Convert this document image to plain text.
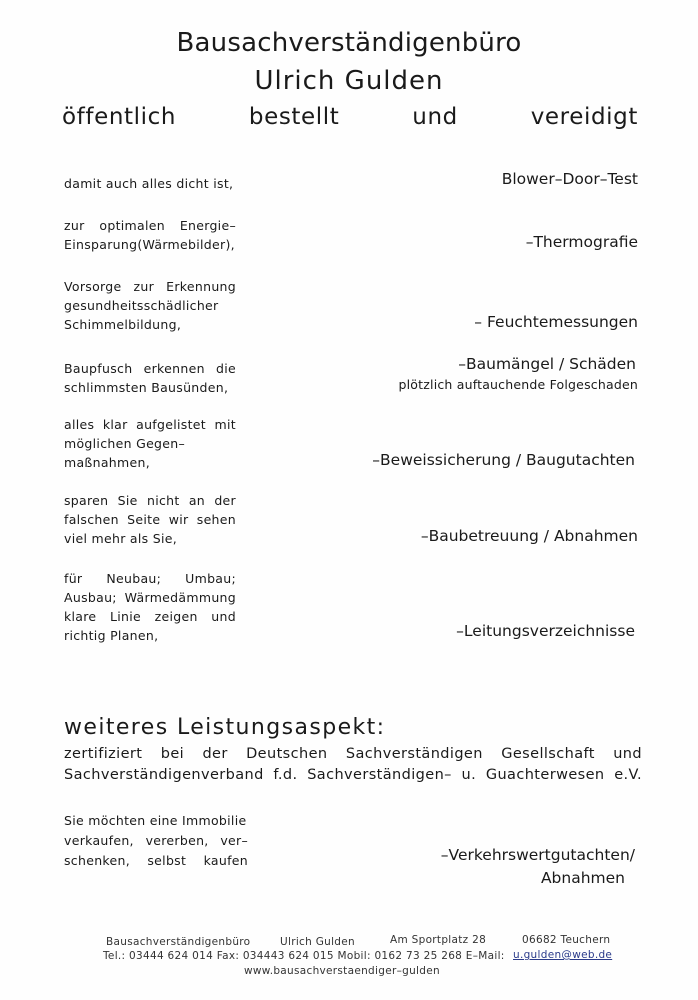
Bausachverständigenbüro
Ulrich Gulden
öffentlich	bestellt	und	vereidigt
damit auch alles dicht ist,	Blower–Door–Test
zur optimalen Energie–
Einsparung(Wärmebilder),	–Thermografie
Vorsorge zur Erkennung
gesundheitsschädlicher
Schimmelbildung,	– Feuchtemessungen
Baupfusch erkennen die
schlimmsten Bausünden,
–Baumängel / Schäden
plötzlich auftauchende Folgeschaden
alles klar aufgelistet mit
möglichen Gegen–
maßnahmen,	–Beweissicherung / Baugutachten
sparen Sie nicht an der
falschen Seite wir sehen
viel mehr als Sie,	–Baubetreuung / Abnahmen
für Neubau; Umbau;
Ausbau; Wärmedämmung
klare Linie zeigen und
richtig Planen,	–Leitungsverzeichnisse
weiteres Leistungsaspekt:
zertifiziert bei der Deutschen Sachverständigen Gesellschaft und
Sachverständigenverband f.d. Sachverständigen– u. Guachterwesen e.V.
Sie möchten eine Immobilie
verkaufen, vererben, ver–
schenken, selbst kaufen	–Verkehrswertgutachten/
Abnahmen
Bausachverständigenbüro	Ulrich Gulden	Am Sportplatz 28	06682 Teuchern
Tel.: 03444 624 014 Fax: 034443 624 015 Mobil: 0162 73 25 268 E–Mail: u.gulden@web.de
www.bausachverstaendiger–gulden
